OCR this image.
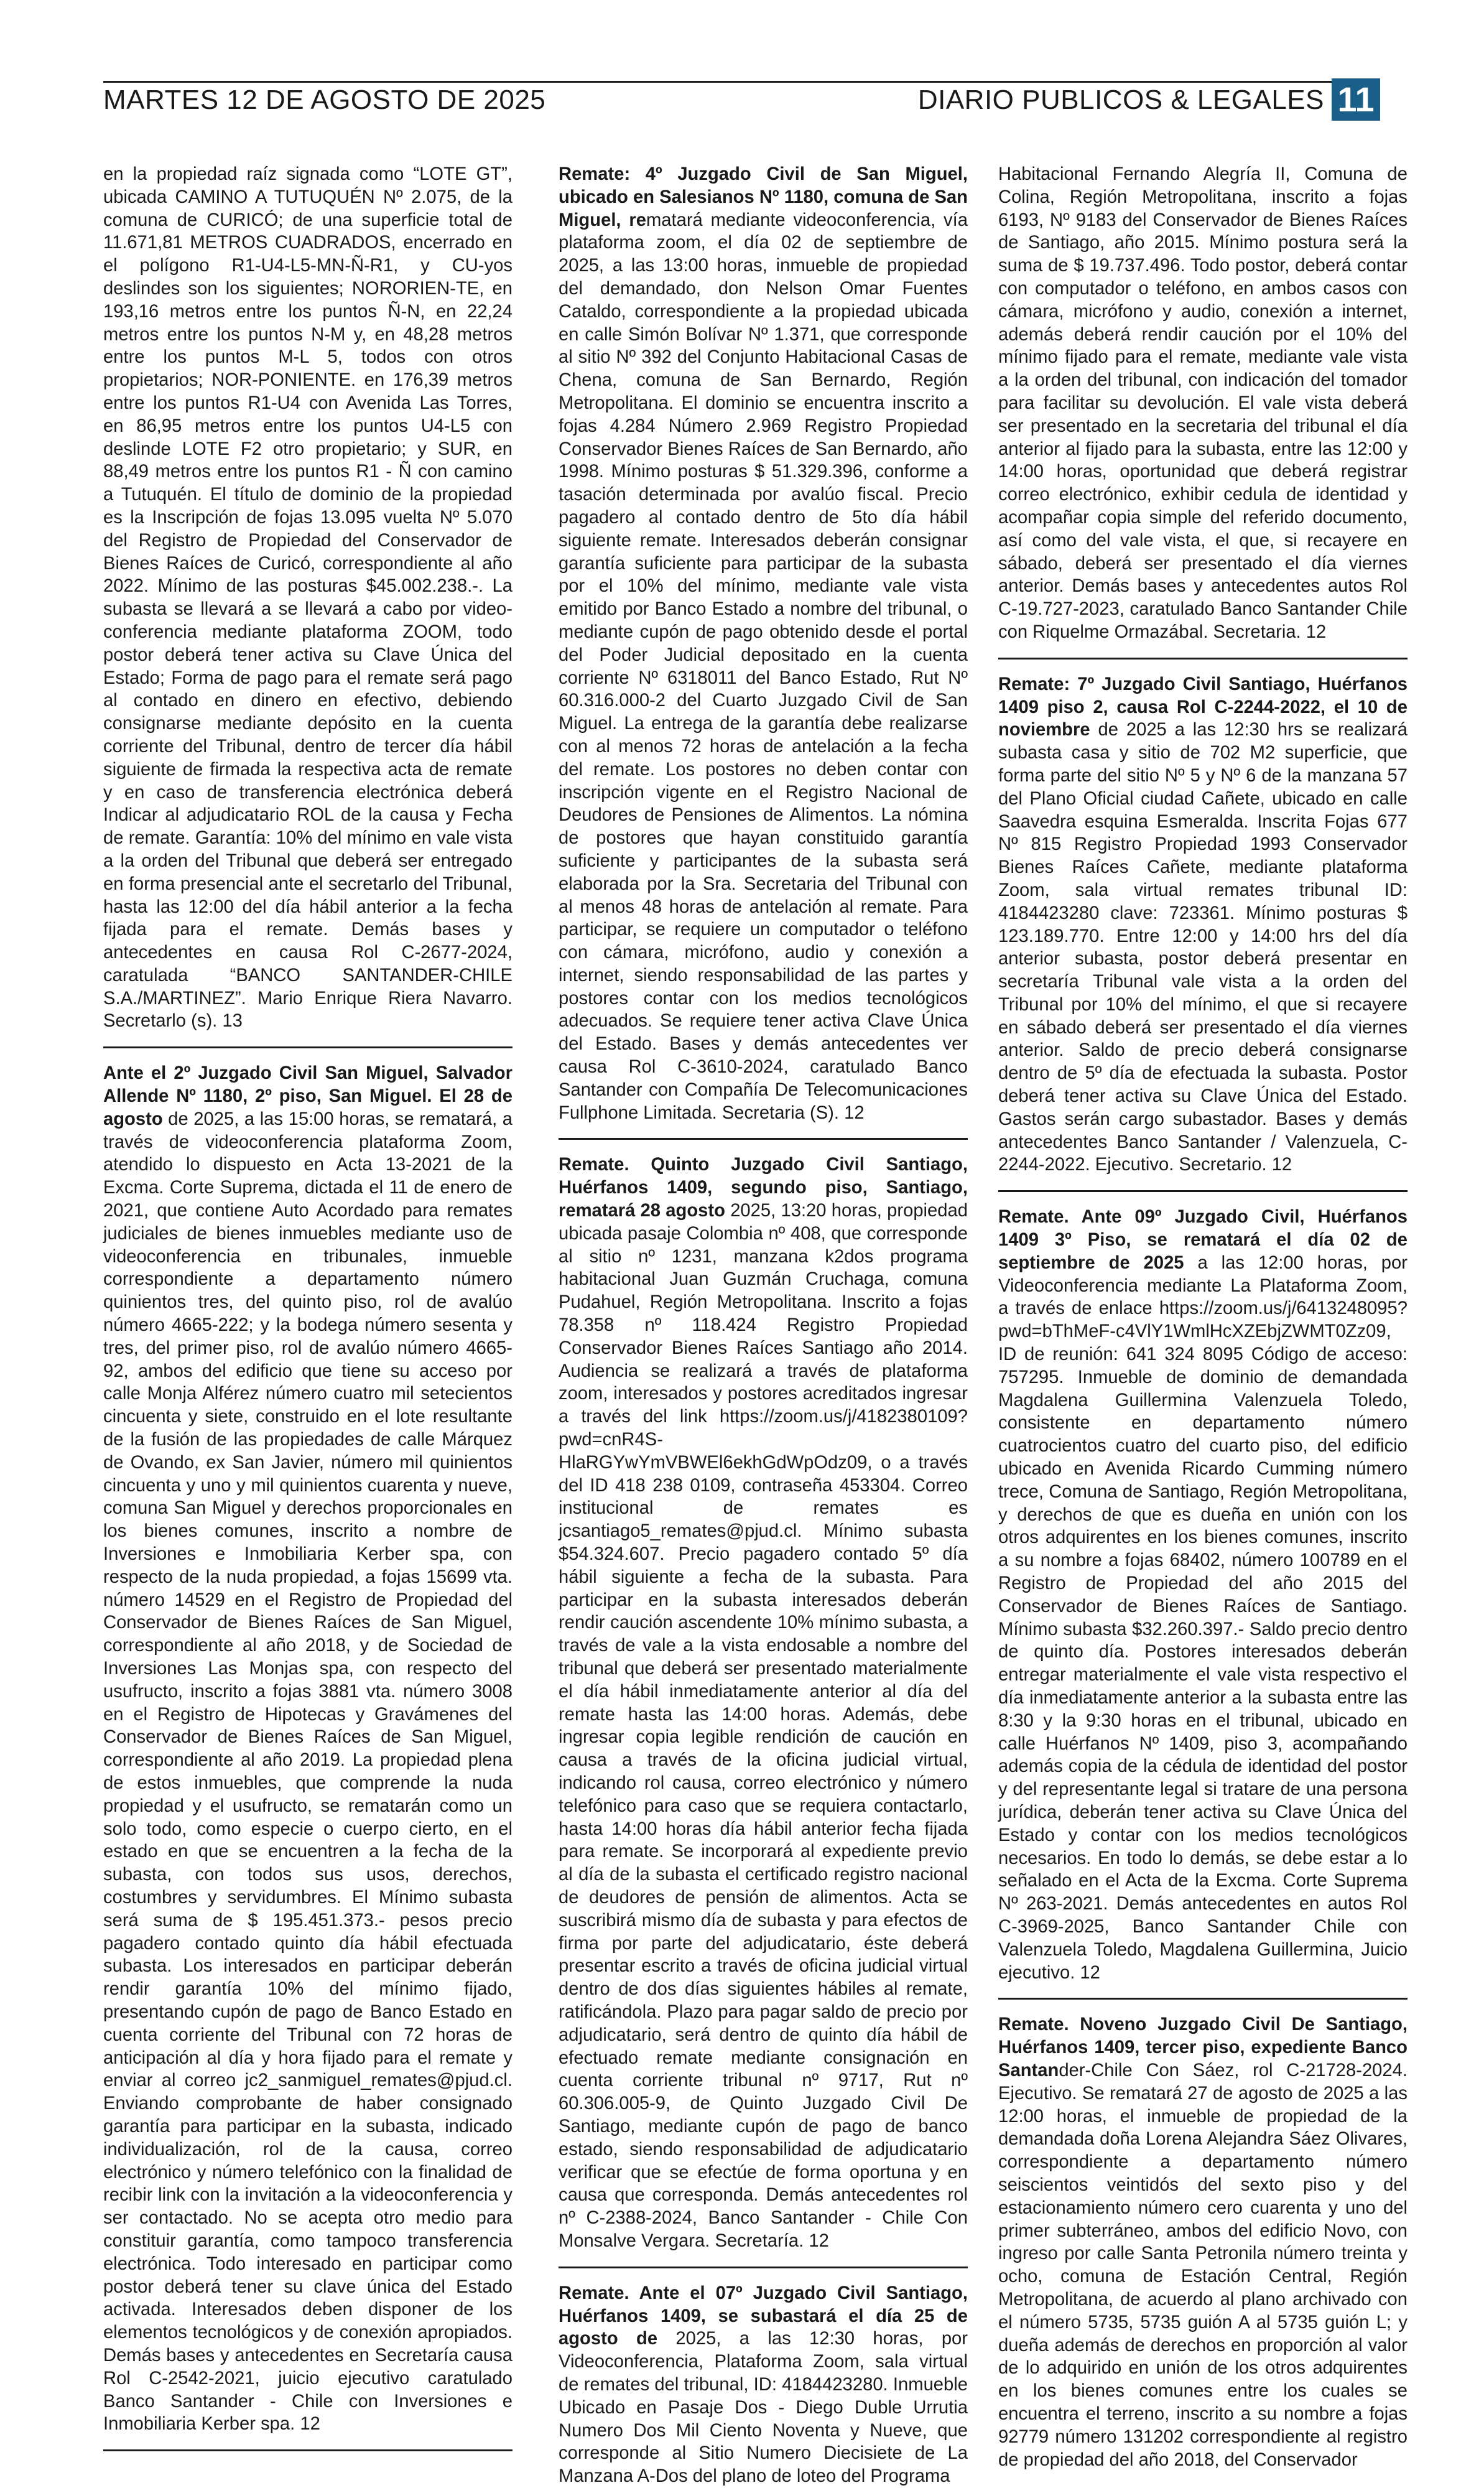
MARTES 12 DE AGOSTO DE 2025	DIARIO PUBLICOS & LEGALES 11

en la propiedad raíz signada como “LOTE GT”, ubicada CAMINO A TUTUQUÉN Nº 2.075, de la comuna de CURICÓ; de una superficie total de 11.671,81 METROS CUADRADOS, encerrado en el polígono R1-U4-L5-MN-Ñ-R1, y CU-yos deslindes son los siguientes; NORORIEN-TE, en 193,16 metros entre los puntos Ñ-N, en 22,24 metros entre los puntos N-M y, en 48,28 metros entre los puntos M-L 5, todos con otros propietarios; NOR-PONIENTE. en 176,39 metros entre los puntos R1-U4 con Avenida Las Torres, en 86,95 metros entre los puntos U4-L5 con deslinde LOTE F2 otro propietario; y SUR, en 88,49 metros entre los puntos R1 - Ñ con camino a Tutuquén. El título de dominio de la propiedad es la Inscripción de fojas 13.095 vuelta Nº 5.070 del Registro de Propiedad del Conservador de Bienes Raíces de Curicó, correspondiente al año 2022. Mínimo de las posturas $45.002.238.-. La subasta se llevará a se llevará a cabo por video-conferencia mediante plataforma ZOOM, todo postor deberá tener activa su Clave Única del Estado; Forma de pago para el remate será pago al contado en dinero en efectivo, debiendo consignarse mediante depósito en la cuenta corriente del Tribunal, dentro de tercer día hábil siguiente de firmada la respectiva acta de remate y en caso de transferencia electrónica deberá Indicar al adjudicatario ROL de la causa y Fecha de remate. Garantía: 10% del mínimo en vale vista a la orden del Tribunal que deberá ser entregado en forma presencial ante el secretarlo del Tribunal, hasta las 12:00 del día hábil anterior a la fecha fijada para el remate. Demás bases y antecedentes en causa Rol C-2677-2024, caratulada “BANCO SANTANDER-CHILE S.A./MARTINEZ”. Mario Enrique Riera Navarro. Secretarlo (s). 13

Ante el 2º Juzgado Civil San Miguel, Salvador Allende Nº 1180, 2º piso, San Miguel. El 28 de agosto de 2025, a las 15:00 horas, se rematará, a través de videoconferencia plataforma Zoom, atendido lo dispuesto en Acta 13-2021 de la Excma. Corte Suprema, dictada el 11 de enero de 2021, que contiene Auto Acordado para remates judiciales de bienes inmuebles mediante uso de videoconferencia en tribunales, inmueble correspondiente a departamento número quinientos tres, del quinto piso, rol de avalúo número 4665-222; y la bodega número sesenta y tres, del primer piso, rol de avalúo número 4665-92, ambos del edificio que tiene su acceso por calle Monja Alférez número cuatro mil setecientos cincuenta y siete, construido en el lote resultante de la fusión de las propiedades de calle Márquez de Ovando, ex San Javier, número mil quinientos cincuenta y uno y mil quinientos cuarenta y nueve, comuna San Miguel y derechos proporcionales en los bienes comunes, inscrito a nombre de Inversiones e Inmobiliaria Kerber spa, con respecto de la nuda propiedad, a fojas 15699 vta. número 14529 en el Registro de Propiedad del Conservador de Bienes Raíces de San Miguel, correspondiente al año 2018, y de Sociedad de Inversiones Las Monjas spa, con respecto del usufructo, inscrito a fojas 3881 vta. número 3008 en el Registro de Hipotecas y Gravámenes del Conservador de Bienes Raíces de San Miguel, correspondiente al año 2019. La propiedad plena de estos inmuebles, que comprende la nuda propiedad y el usufructo, se rematarán como un solo todo, como especie o cuerpo cierto, en el estado en que se encuentren a la fecha de la subasta, con todos sus usos, derechos, costumbres y servidumbres. El Mínimo subasta será suma de $ 195.451.373.- pesos precio pagadero contado quinto día hábil efectuada subasta. Los interesados en participar deberán rendir garantía 10% del mínimo fijado, presentando cupón de pago de Banco Estado en cuenta corriente del Tribunal con 72 horas de anticipación al día y hora fijado para el remate y enviar al correo jc2_sanmiguel_remates@pjud.cl. Enviando comprobante de haber consignado garantía para participar en la subasta, indicado individualización, rol de la causa, correo electrónico y número telefónico con la finalidad de recibir link con la invitación a la videoconferencia y ser contactado. No se acepta otro medio para constituir garantía, como tampoco transferencia electrónica. Todo interesado en participar como postor deberá tener su clave única del Estado activada. Interesados deben disponer de los elementos tecnológicos y de conexión apropiados. Demás bases y antecedentes en Secretaría causa Rol C-2542-2021, juicio ejecutivo caratulado Banco Santander - Chile con Inversiones e Inmobiliaria Kerber spa. 12

Remate: 4º Juzgado Civil de San Miguel, ubicado en Salesianos Nº 1180, comuna de San Miguel, rematará mediante videoconferencia, vía plataforma zoom, el día 02 de septiembre de 2025, a las 13:00 horas, inmueble de propiedad del demandado, don Nelson Omar Fuentes Cataldo, correspondiente a la propiedad ubicada en calle Simón Bolívar Nº 1.371, que corresponde al sitio Nº 392 del Conjunto Habitacional Casas de Chena, comuna de San Bernardo, Región Metropolitana. El dominio se encuentra inscrito a fojas 4.284 Número 2.969 Registro Propiedad Conservador Bienes Raíces de San Bernardo, año 1998. Mínimo posturas $ 51.329.396, conforme a tasación determinada por avalúo fiscal. Precio pagadero al contado dentro de 5to día hábil siguiente remate. Interesados deberán consignar garantía suficiente para participar de la subasta por el 10% del mínimo, mediante vale vista emitido por Banco Estado a nombre del tribunal, o mediante cupón de pago obtenido desde el portal del Poder Judicial depositado en la cuenta corriente Nº 6318011 del Banco Estado, Rut Nº 60.316.000-2 del Cuarto Juzgado Civil de San Miguel. La entrega de la garantía debe realizarse con al menos 72 horas de antelación a la fecha del remate. Los postores no deben contar con inscripción vigente en el Registro Nacional de Deudores de Pensiones de Alimentos. La nómina de postores que hayan constituido garantía suficiente y participantes de la subasta será elaborada por la Sra. Secretaria del Tribunal con al menos 48 horas de antelación al remate. Para participar, se requiere un computador o teléfono con cámara, micrófono, audio y conexión a internet, siendo responsabilidad de las partes y postores contar con los medios tecnológicos adecuados. Se requiere tener activa Clave Única del Estado. Bases y demás antecedentes ver causa Rol C-3610-2024, caratulado Banco Santander con Compañía De Telecomunicaciones Fullphone Limitada. Secretaria (S). 12

Remate. Quinto Juzgado Civil Santiago, Huérfanos 1409, segundo piso, Santiago, rematará 28 agosto 2025, 13:20 horas, propiedad ubicada pasaje Colombia nº 408, que corresponde al sitio nº 1231, manzana k2dos programa habitacional Juan Guzmán Cruchaga, comuna Pudahuel, Región Metropolitana. Inscrito a fojas 78.358 nº 118.424 Registro Propiedad Conservador Bienes Raíces Santiago año 2014. Audiencia se realizará a través de plataforma zoom, interesados y postores acreditados ingresar a través del link https://zoom.us/j/4182380109?pwd=cnR4S-HlaRGYwYmVBWEl6ekhGdWpOdz09, o a través del ID 418 238 0109, contraseña 453304. Correo institucional de remates es jcsantiago5_remates@pjud.cl. Mínimo subasta $54.324.607. Precio pagadero contado 5º día hábil siguiente a fecha de la subasta. Para participar en la subasta interesados deberán rendir caución ascendente 10% mínimo subasta, a través de vale a la vista endosable a nombre del tribunal que deberá ser presentado materialmente el día hábil inmediatamente anterior al día del remate hasta las 14:00 horas. Además, debe ingresar copia legible rendición de caución en causa a través de la oficina judicial virtual, indicando rol causa, correo electrónico y número telefónico para caso que se requiera contactarlo, hasta 14:00 horas día hábil anterior fecha fijada para remate. Se incorporará al expediente previo al día de la subasta el certificado registro nacional de deudores de pensión de alimentos. Acta se suscribirá mismo día de subasta y para efectos de firma por parte del adjudicatario, éste deberá presentar escrito a través de oficina judicial virtual dentro de dos días siguientes hábiles al remate, ratificándola. Plazo para pagar saldo de precio por adjudicatario, será dentro de quinto día hábil de efectuado remate mediante consignación en cuenta corriente tribunal nº 9717, Rut nº 60.306.005-9, de Quinto Juzgado Civil De Santiago, mediante cupón de pago de banco estado, siendo responsabilidad de adjudicatario verificar que se efectúe de forma oportuna y en causa que corresponda. Demás antecedentes rol nº C-2388-2024, Banco Santander - Chile Con Monsalve Vergara. Secretaría. 12

Remate. Ante el 07º Juzgado Civil Santiago, Huérfanos 1409, se subastará el día 25 de agosto de 2025, a las 12:30 horas, por Videoconferencia, Plataforma Zoom, sala virtual de remates del tribunal, ID: 4184423280. Inmueble Ubicado en Pasaje Dos - Diego Duble Urrutia Numero Dos Mil Ciento Noventa y Nueve, que corresponde al Sitio Numero Diecisiete de La Manzana A-Dos del plano de loteo del Programa

Habitacional Fernando Alegría II, Comuna de Colina, Región Metropolitana, inscrito a fojas 6193, Nº 9183 del Conservador de Bienes Raíces de Santiago, año 2015. Mínimo postura será la suma de $ 19.737.496. Todo postor, deberá contar con computador o teléfono, en ambos casos con cámara, micrófono y audio, conexión a internet, además deberá rendir caución por el 10% del mínimo fijado para el remate, mediante vale vista a la orden del tribunal, con indicación del tomador para facilitar su devolución. El vale vista deberá ser presentado en la secretaria del tribunal el día anterior al fijado para la subasta, entre las 12:00 y 14:00 horas, oportunidad que deberá registrar correo electrónico, exhibir cedula de identidad y acompañar copia simple del referido documento, así como del vale vista, el que, si recayere en sábado, deberá ser presentado el día viernes anterior. Demás bases y antecedentes autos Rol C-19.727-2023, caratulado Banco Santander Chile con Riquelme Ormazábal. Secretaria. 12

Remate: 7º Juzgado Civil Santiago, Huérfanos 1409 piso 2, causa Rol C-2244-2022, el 10 de noviembre de 2025 a las 12:30 hrs se realizará subasta casa y sitio de 702 M2 superficie, que forma parte del sitio Nº 5 y Nº 6 de la manzana 57 del Plano Oficial ciudad Cañete, ubicado en calle Saavedra esquina Esmeralda. Inscrita Fojas 677 Nº 815 Registro Propiedad 1993 Conservador Bienes Raíces Cañete, mediante plataforma Zoom, sala virtual remates tribunal ID: 4184423280 clave: 723361. Mínimo posturas $ 123.189.770. Entre 12:00 y 14:00 hrs del día anterior subasta, postor deberá presentar en secretaría Tribunal vale vista a la orden del Tribunal por 10% del mínimo, el que si recayere en sábado deberá ser presentado el día viernes anterior. Saldo de precio deberá consignarse dentro de 5º día de efectuada la subasta. Postor deberá tener activa su Clave Única del Estado. Gastos serán cargo subastador. Bases y demás antecedentes Banco Santander / Valenzuela, C-2244-2022. Ejecutivo. Secretario. 12

Remate. Ante 09º Juzgado Civil, Huérfanos 1409 3º Piso, se rematará el día 02 de septiembre de 2025 a las 12:00 horas, por Videoconferencia mediante La Plataforma Zoom, a través de enlace https://zoom.us/j/6413248095?pwd=bThMeF-c4VlY1WmlHcXZEbjZWMT0Zz09, ID de reunión: 641 324 8095 Código de acceso: 757295. Inmueble de dominio de demandada Magdalena Guillermina Valenzuela Toledo, consistente en departamento número cuatrocientos cuatro del cuarto piso, del edificio ubicado en Avenida Ricardo Cumming número trece, Comuna de Santiago, Región Metropolitana, y derechos de que es dueña en unión con los otros adquirentes en los bienes comunes, inscrito a su nombre a fojas 68402, número 100789 en el Registro de Propiedad del año 2015 del Conservador de Bienes Raíces de Santiago. Mínimo subasta $32.260.397.- Saldo precio dentro de quinto día. Postores interesados deberán entregar materialmente el vale vista respectivo el día inmediatamente anterior a la subasta entre las 8:30 y la 9:30 horas en el tribunal, ubicado en calle Huérfanos Nº 1409, piso 3, acompañando además copia de la cédula de identidad del postor y del representante legal si tratare de una persona jurídica, deberán tener activa su Clave Única del Estado y contar con los medios tecnológicos necesarios. En todo lo demás, se debe estar a lo señalado en el Acta de la Excma. Corte Suprema Nº 263-2021. Demás antecedentes en autos Rol C-3969-2025, Banco Santander Chile con Valenzuela Toledo, Magdalena Guillermina, Juicio ejecutivo. 12

Remate. Noveno Juzgado Civil De Santiago, Huérfanos 1409, tercer piso, expediente Banco Santander-Chile Con Sáez, rol C-21728-2024. Ejecutivo. Se rematará 27 de agosto de 2025 a las 12:00 horas, el inmueble de propiedad de la demandada doña Lorena Alejandra Sáez Olivares, correspondiente a departamento número seiscientos veintidós del sexto piso y del estacionamiento número cero cuarenta y uno del primer subterráneo, ambos del edificio Novo, con ingreso por calle Santa Petronila número treinta y ocho, comuna de Estación Central, Región Metropolitana, de acuerdo al plano archivado con el número 5735, 5735 guión A al 5735 guión L; y dueña además de derechos en proporción al valor de lo adquirido en unión de los otros adquirentes en los bienes comunes entre los cuales se encuentra el terreno, inscrito a su nombre a fojas 92779 número 131202 correspondiente al registro de propiedad del año 2018, del Conservador
